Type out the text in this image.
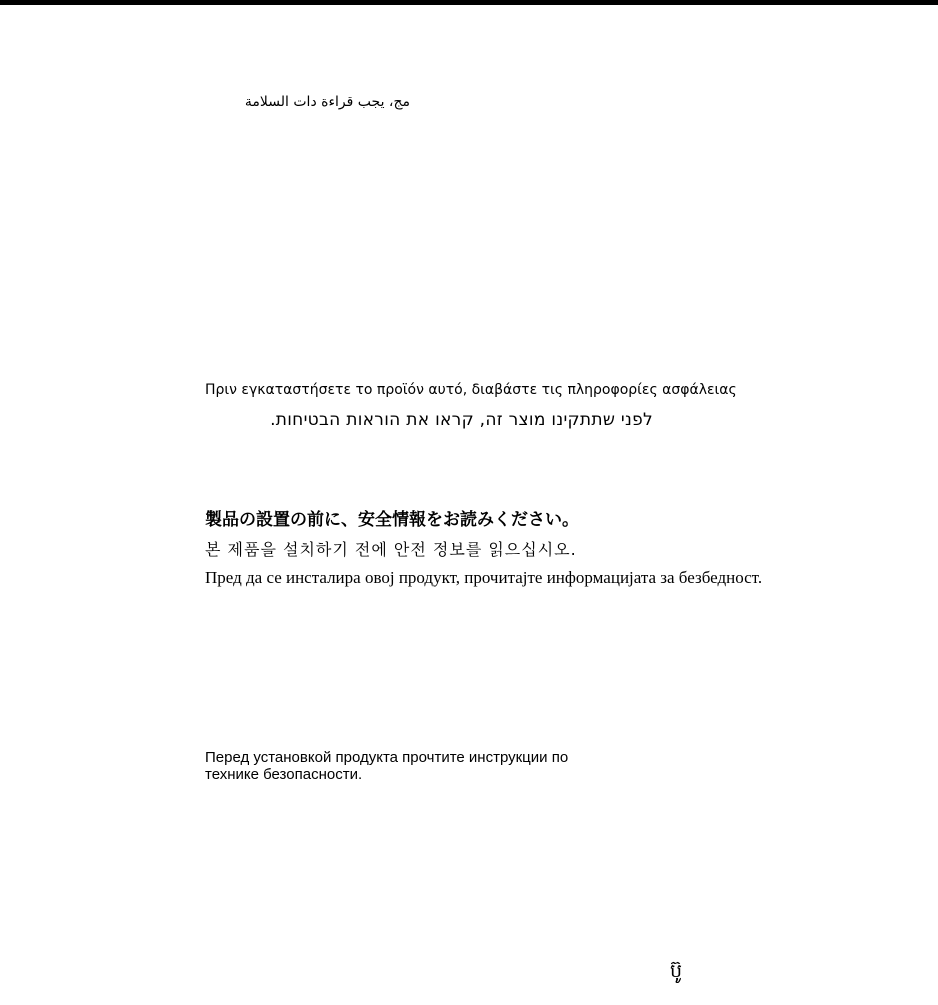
مج، يجب قراءة دات السلامة
Πριν εγκαταστήσετε το προϊόν αυτό, διαβάστε τις πληροφορίες ασφάλειας
לפני שתתקינו מוצר זה, קראו את הוראות הבטיחות.
製品の設置の前に、安全情報をお読みください。
본 제품을 설치하기 전에 안전 정보를 읽으십시오.
Пред да се инсталира овој продукт, прочитајте информацијата за безбедност.
Перед установкой продукта прочтите инструкции по
технике безопасности.
ប៊ូ
